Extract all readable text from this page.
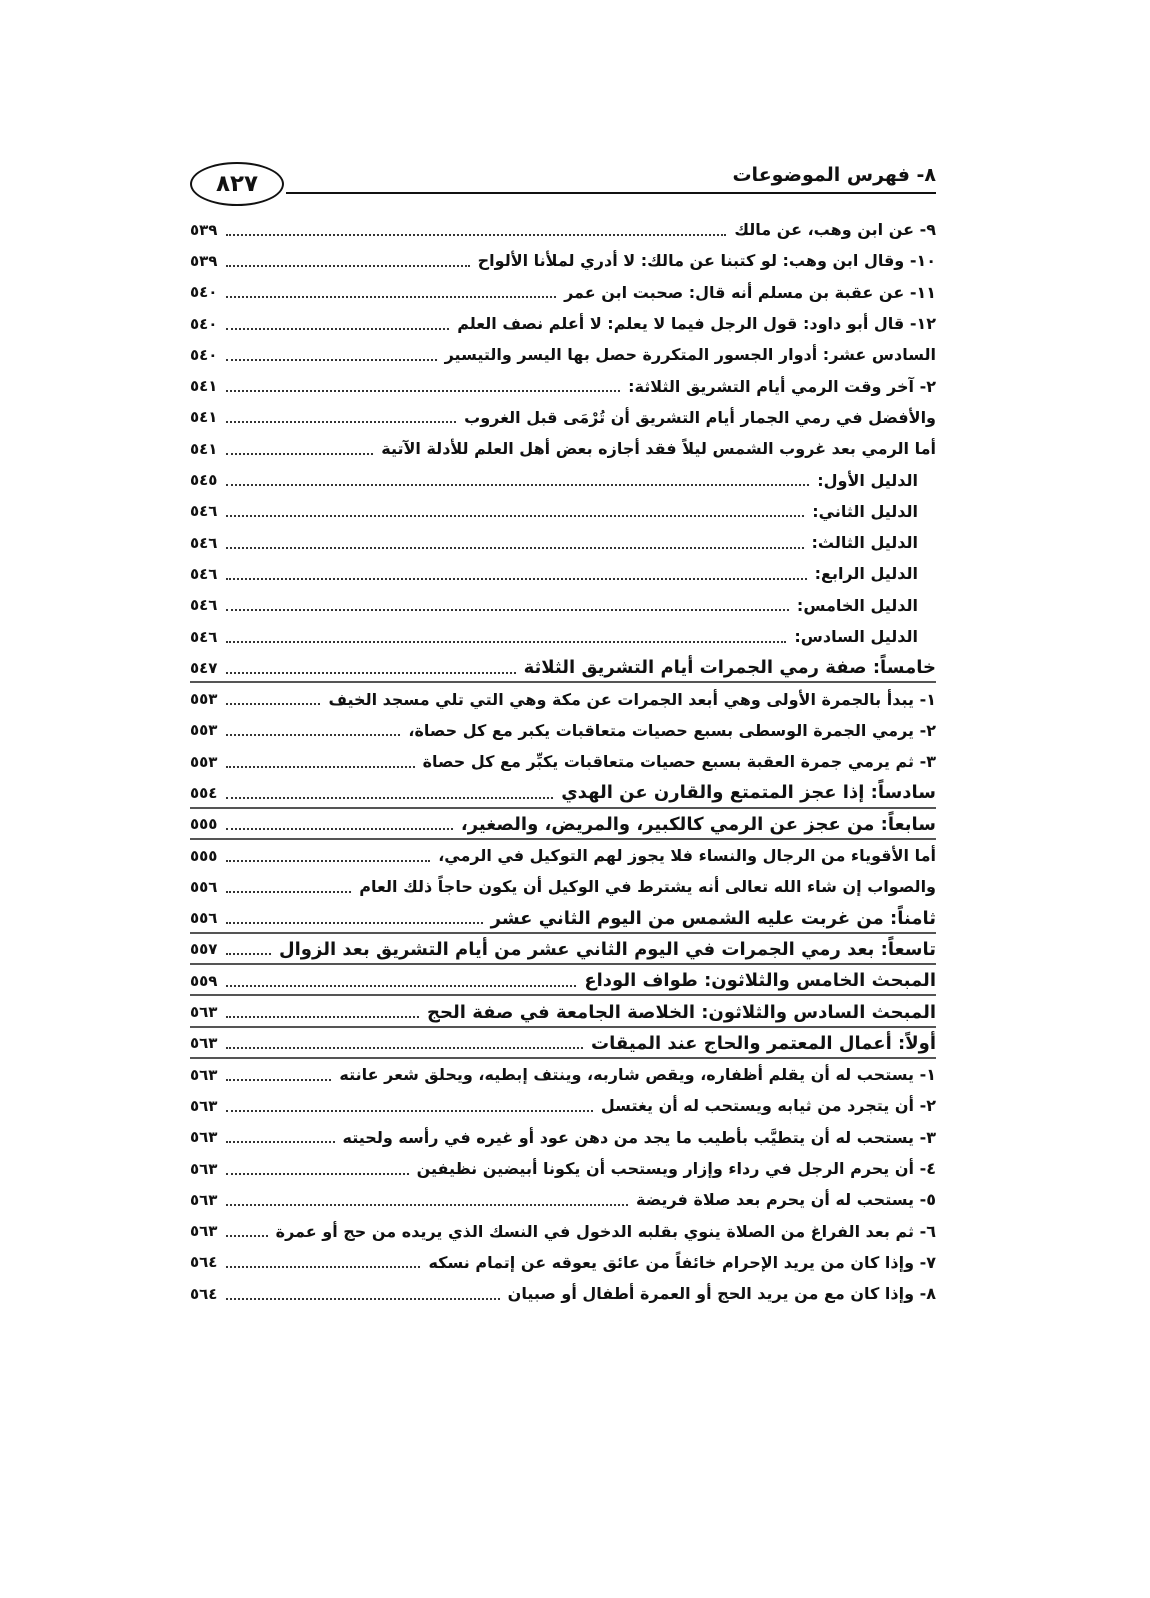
٨- فهرس الموضوعات
٨٢٧
٩- عن ابن وهب، عن مالك
٥٣٩
١٠- وقال ابن وهب: لو كتبنا عن مالك: لا أدري لملأنا الألواح
٥٣٩
١١- عن عقبة بن مسلم أنه قال: صحبت ابن عمر
٥٤٠
١٢- قال أبو داود: قول الرجل فيما لا يعلم: لا أعلم نصف العلم
٥٤٠
السادس عشر: أدوار الجسور المتكررة حصل بها اليسر والتيسير
٥٤٠
٢- آخر وقت الرمي أيام التشريق الثلاثة:
٥٤١
والأفضل في رمي الجمار أيام التشريق أن تُرْمَى قبل الغروب
٥٤١
أما الرمي بعد غروب الشمس ليلاً فقد أجازه بعض أهل العلم للأدلة الآتية
٥٤١
الدليل الأول:
٥٤٥
الدليل الثاني:
٥٤٦
الدليل الثالث:
٥٤٦
الدليل الرابع:
٥٤٦
الدليل الخامس:
٥٤٦
الدليل السادس:
٥٤٦
خامساً: صفة رمي الجمرات أيام التشريق الثلاثة
٥٤٧
١- يبدأ بالجمرة الأولى وهي أبعد الجمرات عن مكة وهي التي تلي مسجد الخيف
٥٥٣
٢- يرمي الجمرة الوسطى بسبع حصيات متعاقبات يكبر مع كل حصاة،
٥٥٣
٣- ثم يرمي جمرة العقبة بسبع حصيات متعاقبات يكبِّر مع كل حصاة
٥٥٣
سادساً: إذا عجز المتمتع والقارن عن الهدي
٥٥٤
سابعاً: من عجز عن الرمي كالكبير، والمريض، والصغير،
٥٥٥
أما الأقوياء من الرجال والنساء فلا يجوز لهم التوكيل في الرمي،
٥٥٥
والصواب إن شاء الله تعالى أنه يشترط في الوكيل أن يكون حاجاً ذلك العام
٥٥٦
ثامناً: من غربت عليه الشمس من اليوم الثاني عشر
٥٥٦
تاسعاً: بعد رمي الجمرات في اليوم الثاني عشر من أيام التشريق بعد الزوال
٥٥٧
المبحث الخامس والثلاثون: طواف الوداع
٥٥٩
المبحث السادس والثلاثون: الخلاصة الجامعة في صفة الحج
٥٦٣
أولاً: أعمال المعتمر والحاج عند الميقات
٥٦٣
١- يستحب له أن يقلم أظفاره، ويقص شاربه، وينتف إبطيه، ويحلق شعر عانته
٥٦٣
٢- أن يتجرد من ثيابه ويستحب له أن يغتسل
٥٦٣
٣- يستحب له أن يتطيَّب بأطيب ما يجد من دهن عود أو غيره في رأسه ولحيته
٥٦٣
٤- أن يحرم الرجل في رداء وإزار ويستحب أن يكونا أبيضين نظيفين
٥٦٣
٥- يستحب له أن يحرم بعد صلاة فريضة
٥٦٣
٦- ثم بعد الفراغ من الصلاة ينوي بقلبه الدخول في النسك الذي يريده من حج أو عمرة
٥٦٣
٧- وإذا كان من يريد الإحرام خائفاً من عائق يعوقه عن إتمام نسكه
٥٦٤
٨- وإذا كان مع من يريد الحج أو العمرة أطفال أو صبيان
٥٦٤
